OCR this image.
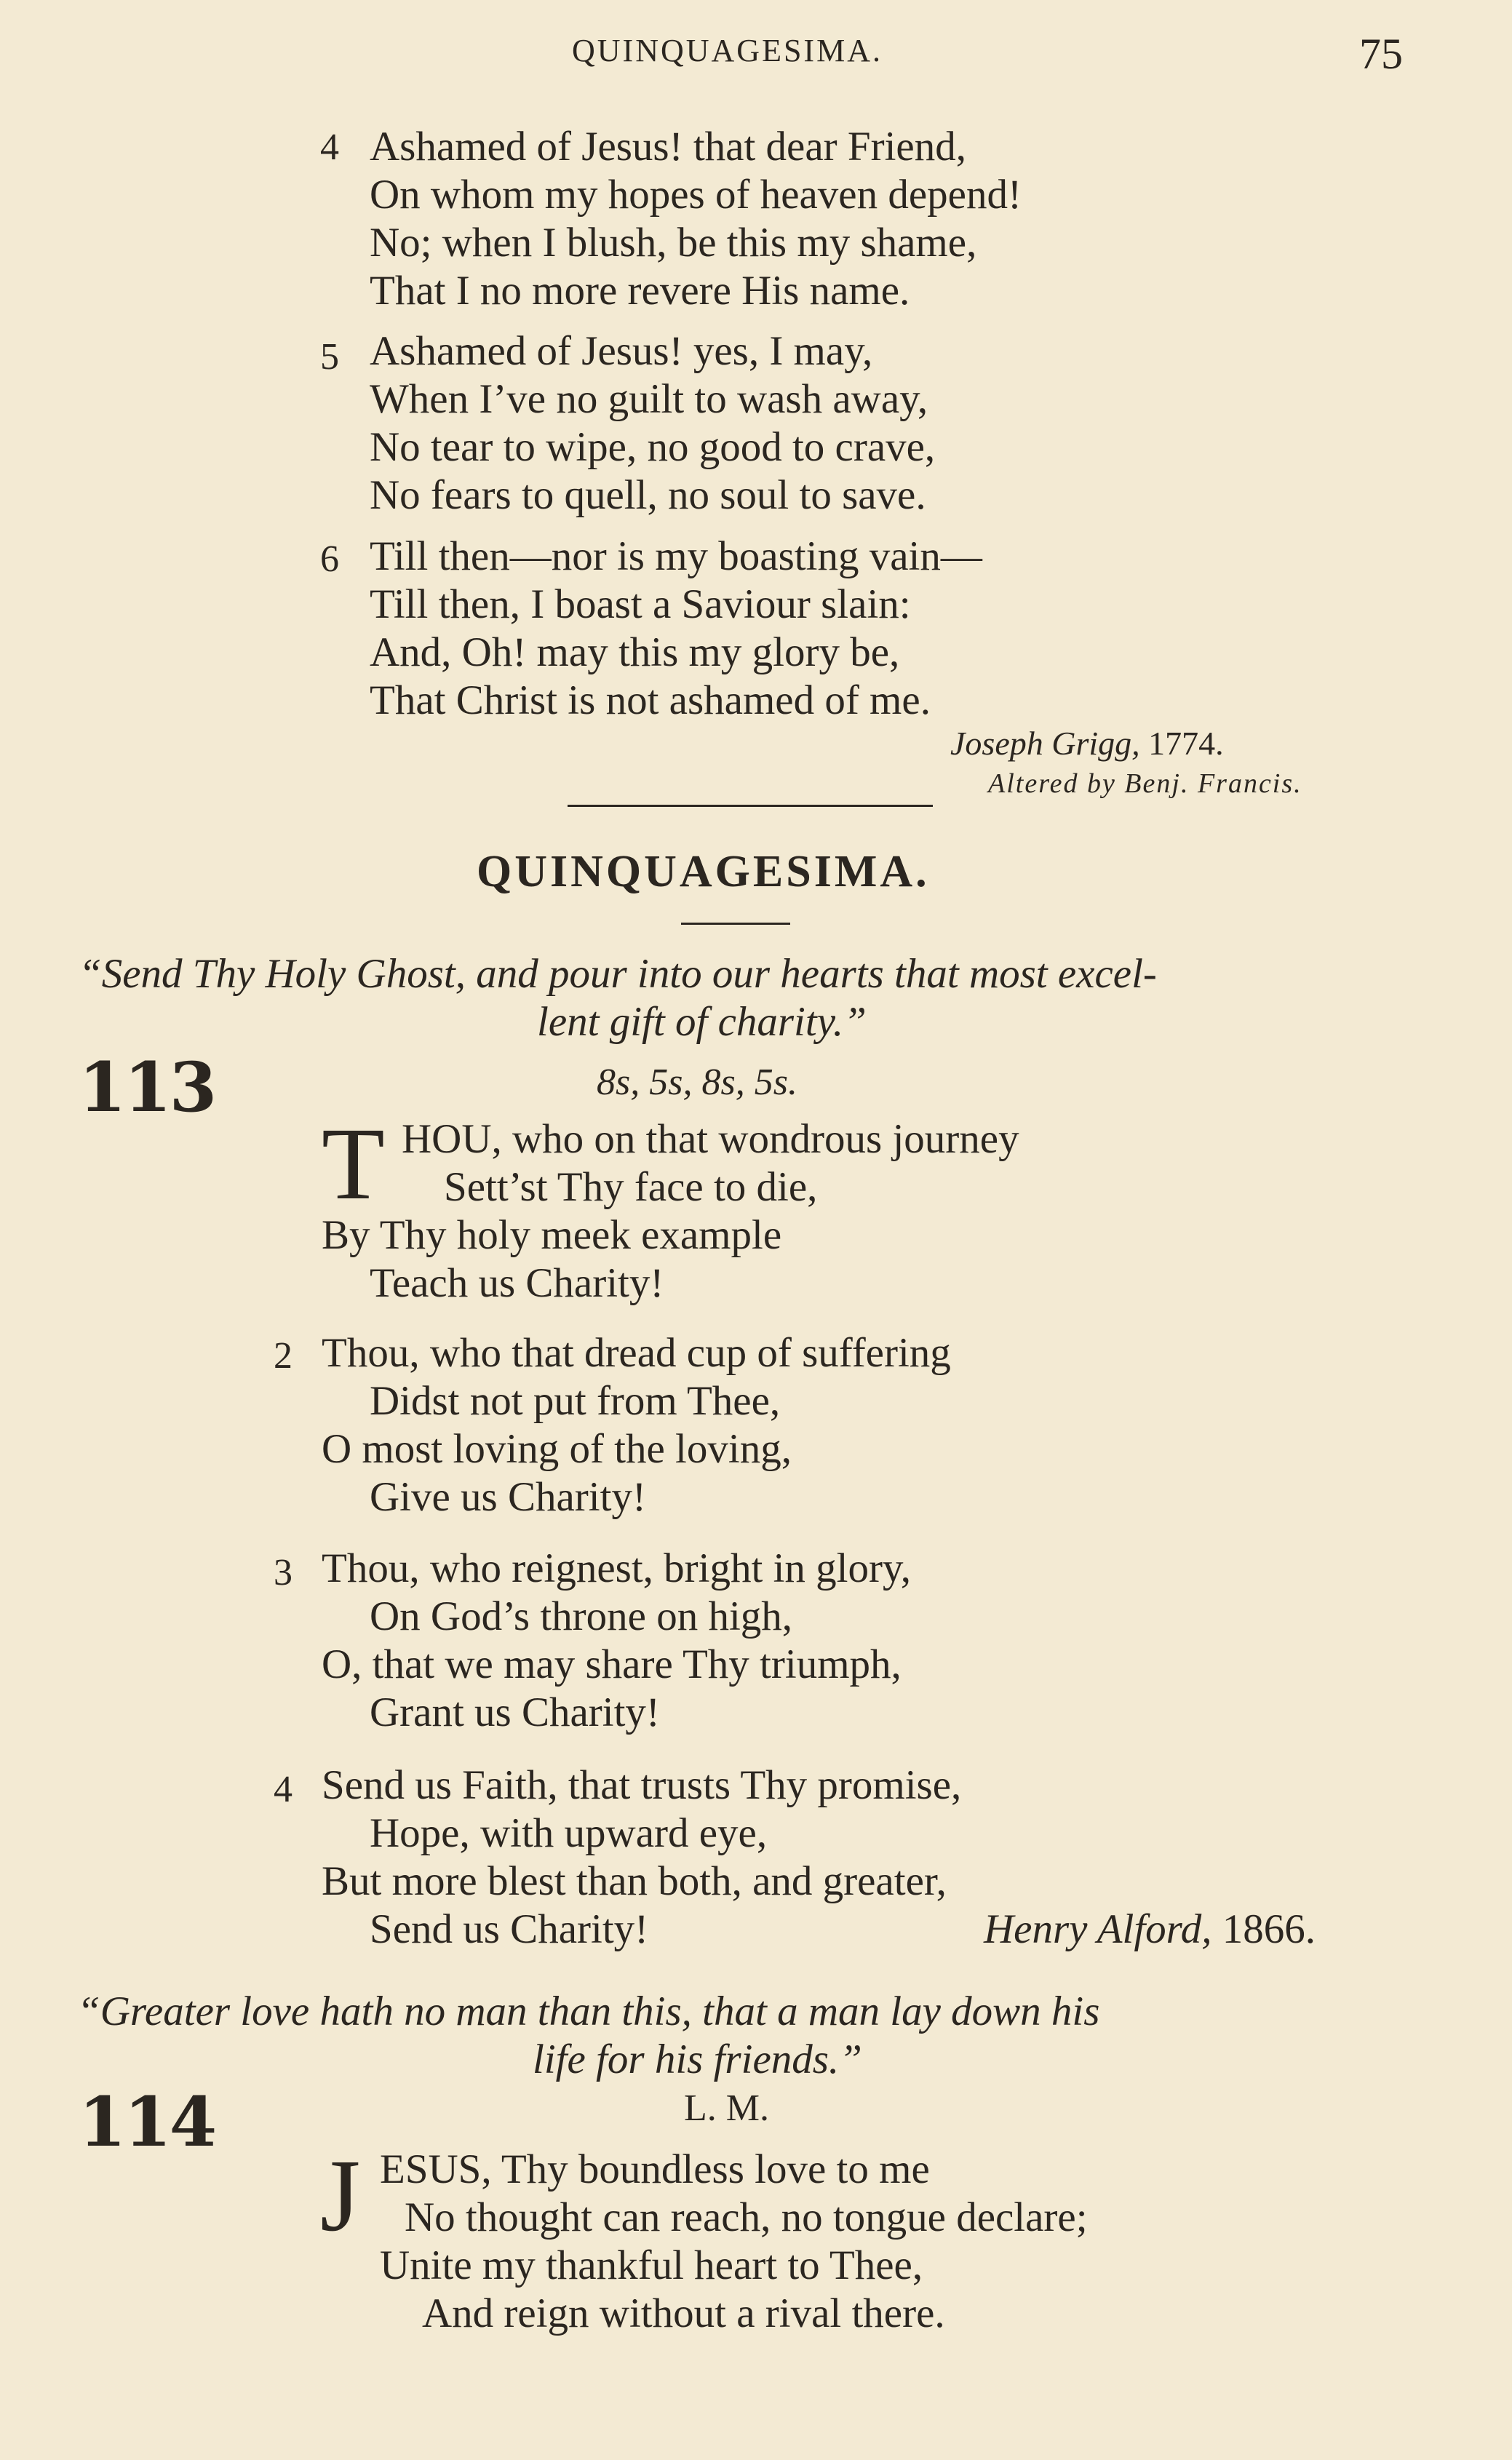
QUINQUAGESIMA.	75
4 Ashamed of Jesus! that dear Friend,
On whom my hopes of heaven depend!
No; when I blush, be this my shame,
That I no more revere His name.
5 Ashamed of Jesus! yes, I may,
When I’ve no guilt to wash away,
No tear to wipe, no good to crave,
No fears to quell, no soul to save.
6 Till then—nor is my boasting vain—
Till then, I boast a Saviour slain:
And, Oh! may this my glory be,
That Christ is not ashamed of me.
Joseph Grigg, 1774.
Altered by Benj. Francis.
QUINQUAGESIMA.
“Send Thy Holy Ghost, and pour into our hearts that most excel-
lent gift of charity.”
113	8s, 5s, 8s, 5s.
T HOU, who on that wondrous journey
Sett’st Thy face to die,
By Thy holy meek example
Teach us Charity!
2 Thou, who that dread cup of suffering
Didst not put from Thee,
O most loving of the loving,
Give us Charity!
3 Thou, who reignest, bright in glory,
On God’s throne on high,
O, that we may share Thy triumph,
Grant us Charity!
4 Send us Faith, that trusts Thy promise,
Hope, with upward eye,
But more blest than both, and greater,
Send us Charity!	Henry Alford, 1866.
“Greater love hath no man than this, that a man lay down his
life for his friends.”
114	L. M.
J ESUS, Thy boundless love to me
No thought can reach, no tongue declare;
Unite my thankful heart to Thee,
And reign without a rival there.
